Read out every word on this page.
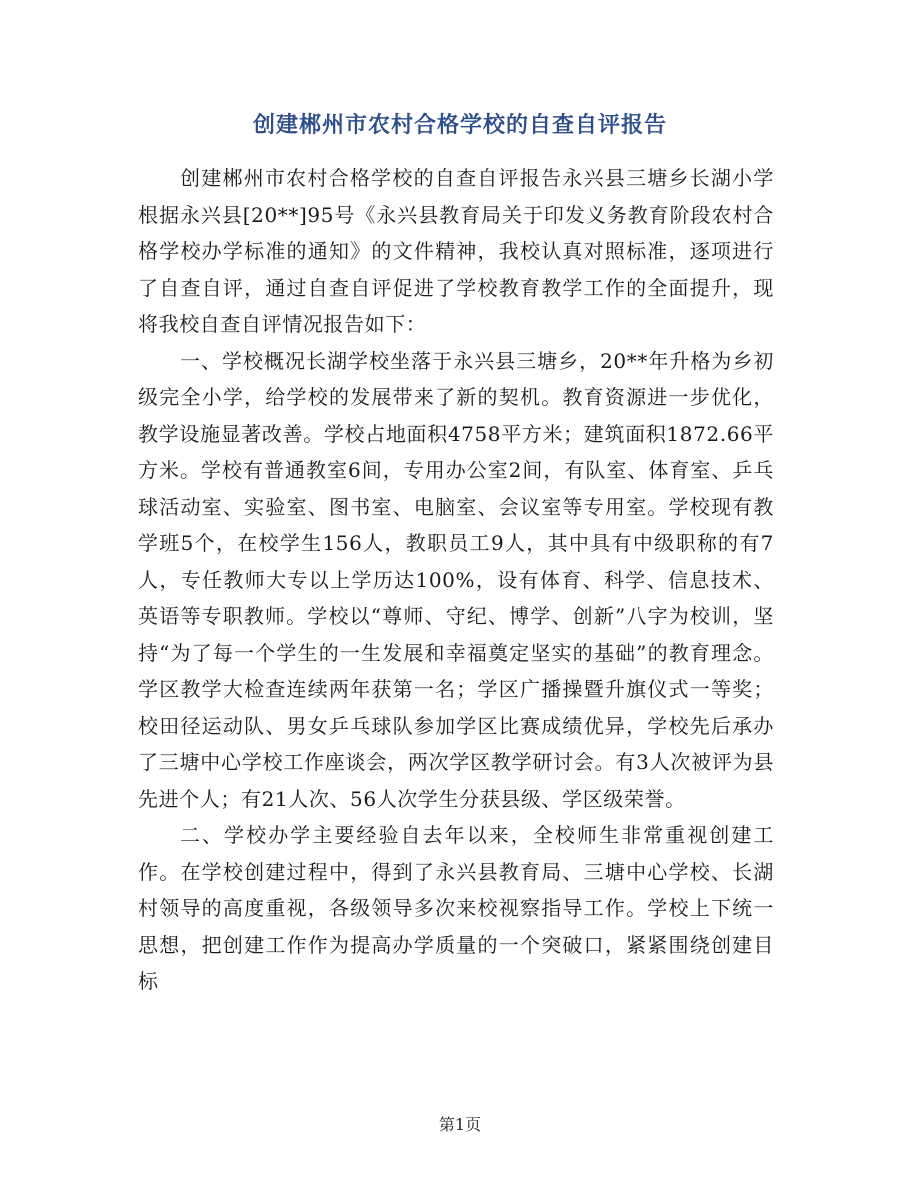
创建郴州市农村合格学校的自查自评报告

创建郴州市农村合格学校的自查自评报告永兴县三塘乡长湖小学根据永兴县[20**]95号《永兴县教育局关于印发义务教育阶段农村合格学校办学标准的通知》的文件精神，我校认真对照标准，逐项进行了自查自评，通过自查自评促进了学校教育教学工作的全面提升，现将我校自查自评情况报告如下：

一、学校概况长湖学校坐落于永兴县三塘乡，20**年升格为乡初级完全小学，给学校的发展带来了新的契机。教育资源进一步优化，教学设施显著改善。学校占地面积4758平方米；建筑面积1872.66平方米。学校有普通教室6间，专用办公室2间，有队室、体育室、乒乓球活动室、实验室、图书室、电脑室、会议室等专用室。学校现有教学班5个，在校学生156人，教职员工9人，其中具有中级职称的有7人，专任教师大专以上学历达100%，设有体育、科学、信息技术、英语等专职教师。学校以“尊师、守纪、博学、创新”八字为校训，坚持“为了每一个学生的一生发展和幸福奠定坚实的基础”的教育理念。学区教学大检查连续两年获第一名；学区广播操暨升旗仪式一等奖；校田径运动队、男女乒乓球队参加学区比赛成绩优异，学校先后承办了三塘中心学校工作座谈会，两次学区教学研讨会。有3人次被评为县先进个人；有21人次、56人次学生分获县级、学区级荣誉。

二、学校办学主要经验自去年以来，全校师生非常重视创建工作。在学校创建过程中，得到了永兴县教育局、三塘中心学校、长湖村领导的高度重视，各级领导多次来校视察指导工作。学校上下统一思想，把创建工作作为提高办学质量的一个突破口，紧紧围绕创建目标

第1页
